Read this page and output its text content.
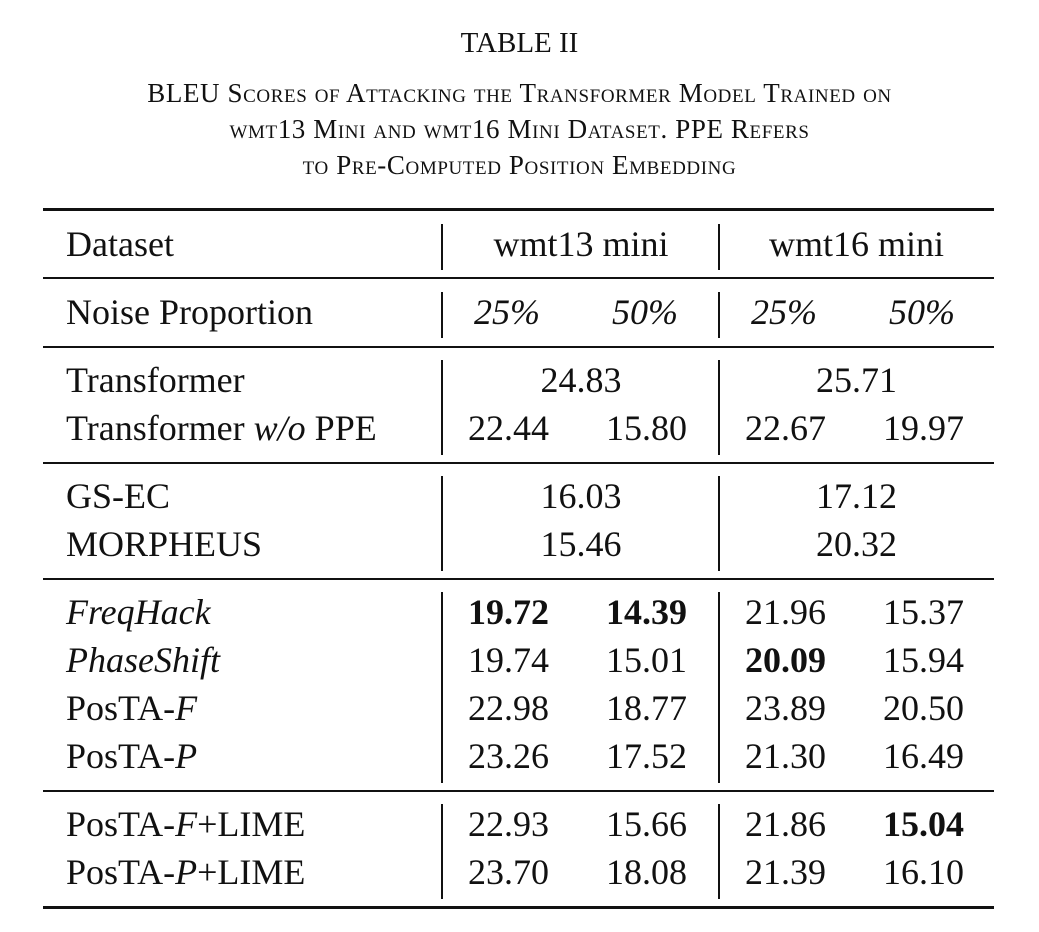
TABLE II
BLEU Scores of Attacking the Transformer Model Trained on
wmt13 Mini and wmt16 Mini Dataset. PPE Refers
to Pre-Computed Position Embedding
Dataset	wmt13 mini	wmt16 mini
Noise Proportion	25% 50% 25% 50%
Transformer	24.83	25.71
Transformer w/o PPE	22.44 15.80 22.67 19.97
GS-EC	16.03	17.12
MORPHEUS	15.46	20.32
FreqHack	19.72 14.39 21.96 15.37
PhaseShift	19.74 15.01 20.09 15.94
PosTA-F	22.98 18.77 23.89 20.50
PosTA-P	23.26 17.52 21.30 16.49
PosTA-F+LIME	22.93 15.66 21.86 15.04
PosTA-P+LIME	23.70 18.08 21.39 16.10
